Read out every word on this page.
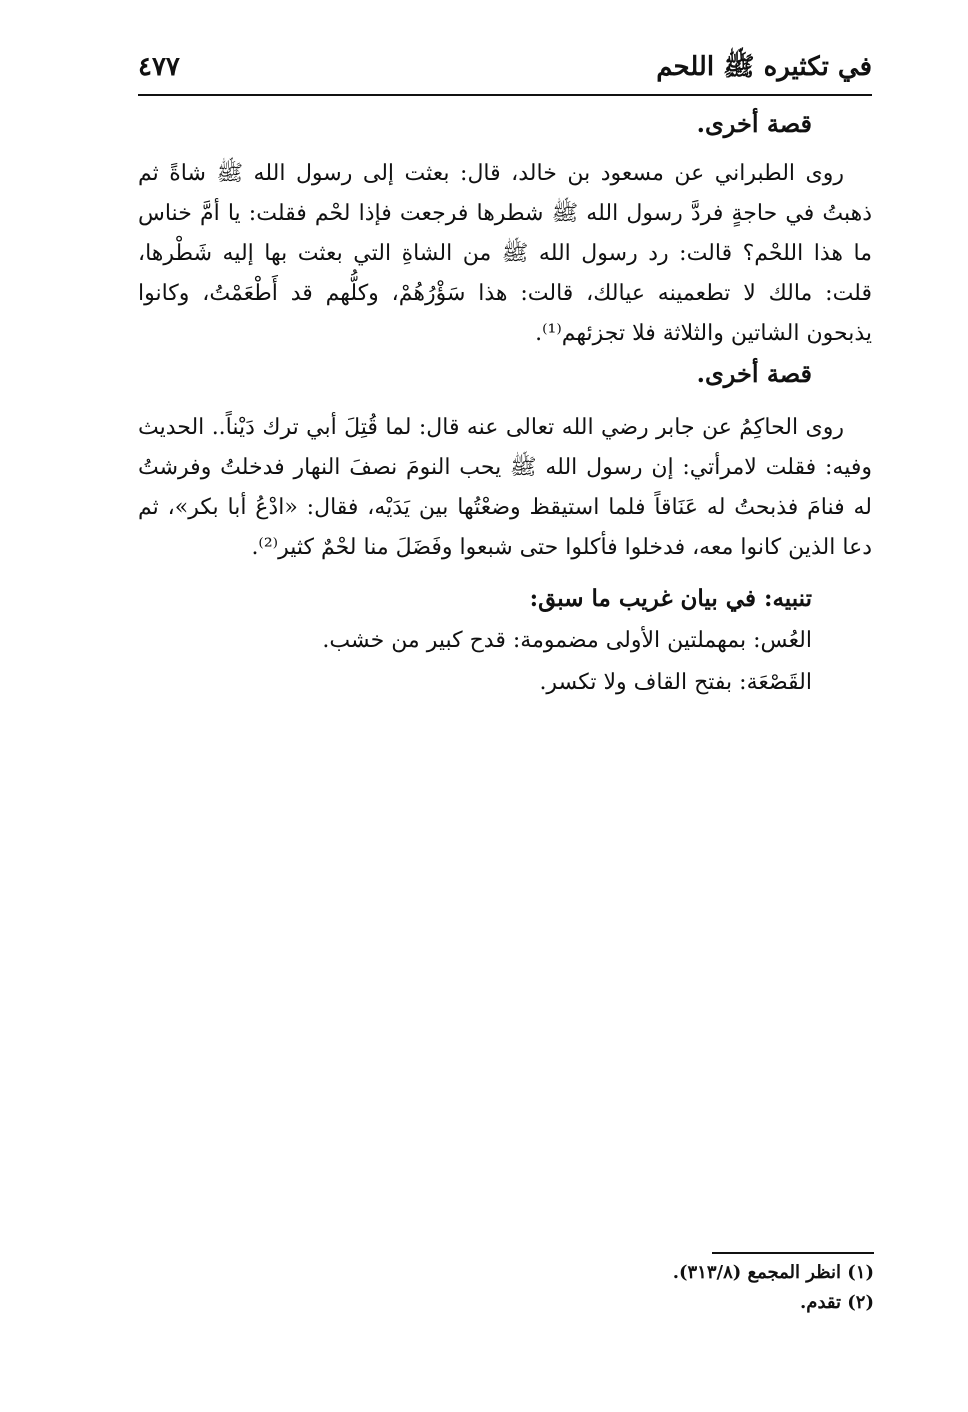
في تكثيره ﷺ اللحم
٤٧٧

قصة أخرى.

روى الطبراني عن مسعود بن خالد، قال: بعثت إلى رسول الله ﷺ شاةً ثم ذهبتُ في حاجةٍ فردَّ رسول الله ﷺ شطرها فرجعت فإذا لحْم فقلت: يا أمَّ خناس ما هذا اللحْم؟ قالت: رد رسول الله ﷺ من الشاةِ التي بعثت بها إليه شَطْرها، قلت: مالك لا تطعمينه عيالك، قالت: هذا سَؤْرُهُمْ، وكلُّهم قد أَطْعَمْتُ، وكانوا يذبحون الشاتين والثلاثة فلا تجزئهم⁽¹⁾.

قصة أخرى.

روى الحاكِمُ عن جابر رضي الله تعالى عنه قال: لما قُتِلَ أبي ترك دَيْناً.. الحديث وفيه: فقلت لامرأتي: إن رسول الله ﷺ يحب النومَ نصفَ النهار فدخلتُ وفرشتُ له فنامَ فذبحتُ له عَنَاقاً فلما استيقظ وضعْتُها بين يَدَيْه، فقال: «ادْعُ أبا بكر»، ثم دعا الذين كانوا معه، فدخلوا فأكلوا حتى شبعوا وفَضَلَ منا لحْمٌ كثير⁽²⁾.

تنبيه: في بيان غريب ما سبق:

العُس: بمهملتين الأولى مضمومة: قدح كبير من خشب.

القَصْعَة: بفتح القاف ولا تكسر.

(١) انظر المجمع (٣١٣/٨).

(٢) تقدم.
